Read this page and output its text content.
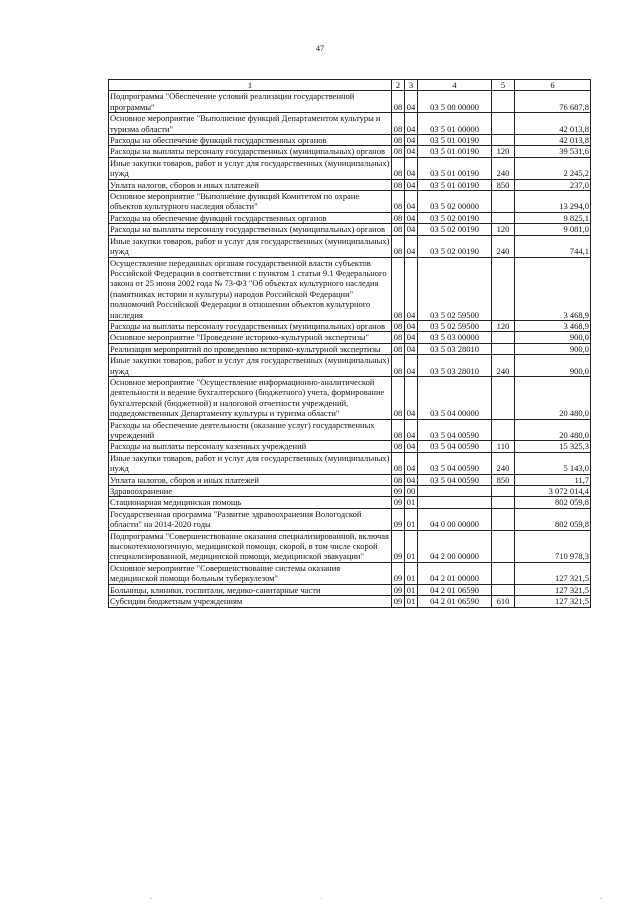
47
1	2	3	4	5	6
Подпрограмма "Обеспечение условий реализации государственной программы"	08	04	03 5 00 00000		76 687,8
Основное мероприятие "Выполнение функций Департаментом культуры и туризма области"	08	04	03 5 01 00000		42 013,8
Расходы на обеспечение функций государственных органов	08	04	03 5 01 00190		42 013,8
Расходы на выплаты персоналу государственных (муниципальных) органов	08	04	03 5 01 00190	120	39 531,6
Иные закупки товаров, работ и услуг для государственных (муниципальных) нужд	08	04	03 5 01 00190	240	2 245,2
Уплата налогов, сборов и иных платежей	08	04	03 5 01 00190	850	237,0
Основное мероприятие "Выполнение функций Комитетом по охране объектов культурного наследия области"	08	04	03 5 02 00000		13 294,0
Расходы на обеспечение функций государственных органов	08	04	03 5 02 00190		9 825,1
Расходы на выплаты персоналу государственных (муниципальных) органов	08	04	03 5 02 00190	120	9 081,0
Иные закупки товаров, работ и услуг для государственных (муниципальных) нужд	08	04	03 5 02 00190	240	744,1
Осуществление переданных органам государственной власти субъектов Российской Федерации в соответствии с пунктом 1 статьи 9.1 Федерального закона от 25 июня 2002 года № 73-ФЗ "Об объектах культурного наследия (памятниках истории и культуры) народов Российской Федерации" полномочий Российской Федерации в отношении объектов культурного наследия	08	04	03 5 02 59500		3 468,9
Расходы на выплаты персоналу государственных (муниципальных) органов	08	04	03 5 02 59500	120	3 468,9
Основное мероприятие "Проведение историко-культурной экспертизы"	08	04	03 5 03 00000		900,0
Реализация мероприятий по проведению историко-культурной экспертизы	08	04	03 5 03 28010		900,0
Иные закупки товаров, работ и услуг для государственных (муниципальных) нужд	08	04	03 5 03 28010	240	900,0
Основное мероприятие "Осуществление информационно-аналитической деятельности и ведение бухгалтерского (бюджетного) учета, формирование бухгалтерской (бюджетной) и налоговой отчетности учреждений, подведомственных Департаменту культуры и туризма области"	08	04	03 5 04 00000		20 480,0
Расходы на обеспечение деятельности (оказание услуг) государственных учреждений	08	04	03 5 04 00590		20 480,0
Расходы на выплаты персоналу казенных учреждений	08	04	03 5 04 00590	110	15 325,3
Иные закупки товаров, работ и услуг для государственных (муниципальных) нужд	08	04	03 5 04 00590	240	5 143,0
Уплата налогов, сборов и иных платежей	08	04	03 5 04 00590	850	11,7
Здравоохранение	09	00			3 072 014,4
Стационарная медицинская помощь	09	01			802 059,8
Государственная программа "Развитие здравоохранения Вологодской области" на 2014-2020 годы	09	01	04 0 00 00000		802 059,8
Подпрограмма "Совершенствование оказания специализированной, включая высокотехнологичную, медицинской помощи, скорой, в том числе скорой специализированной, медицинской помощи, медицинской эвакуации"	09	01	04 2 00 00000		710 978,3
Основное мероприятие "Совершенствование системы оказания медицинской помощи больным туберкулезом"	09	01	04 2 01 00000		127 321,5
Больницы, клиники, госпитали, медико-санитарные части	09	01	04 2 01 06590		127 321,5
Субсидии бюджетным учреждениям	09	01	04 2 01 06590	610	127 321,5
-	·	-
